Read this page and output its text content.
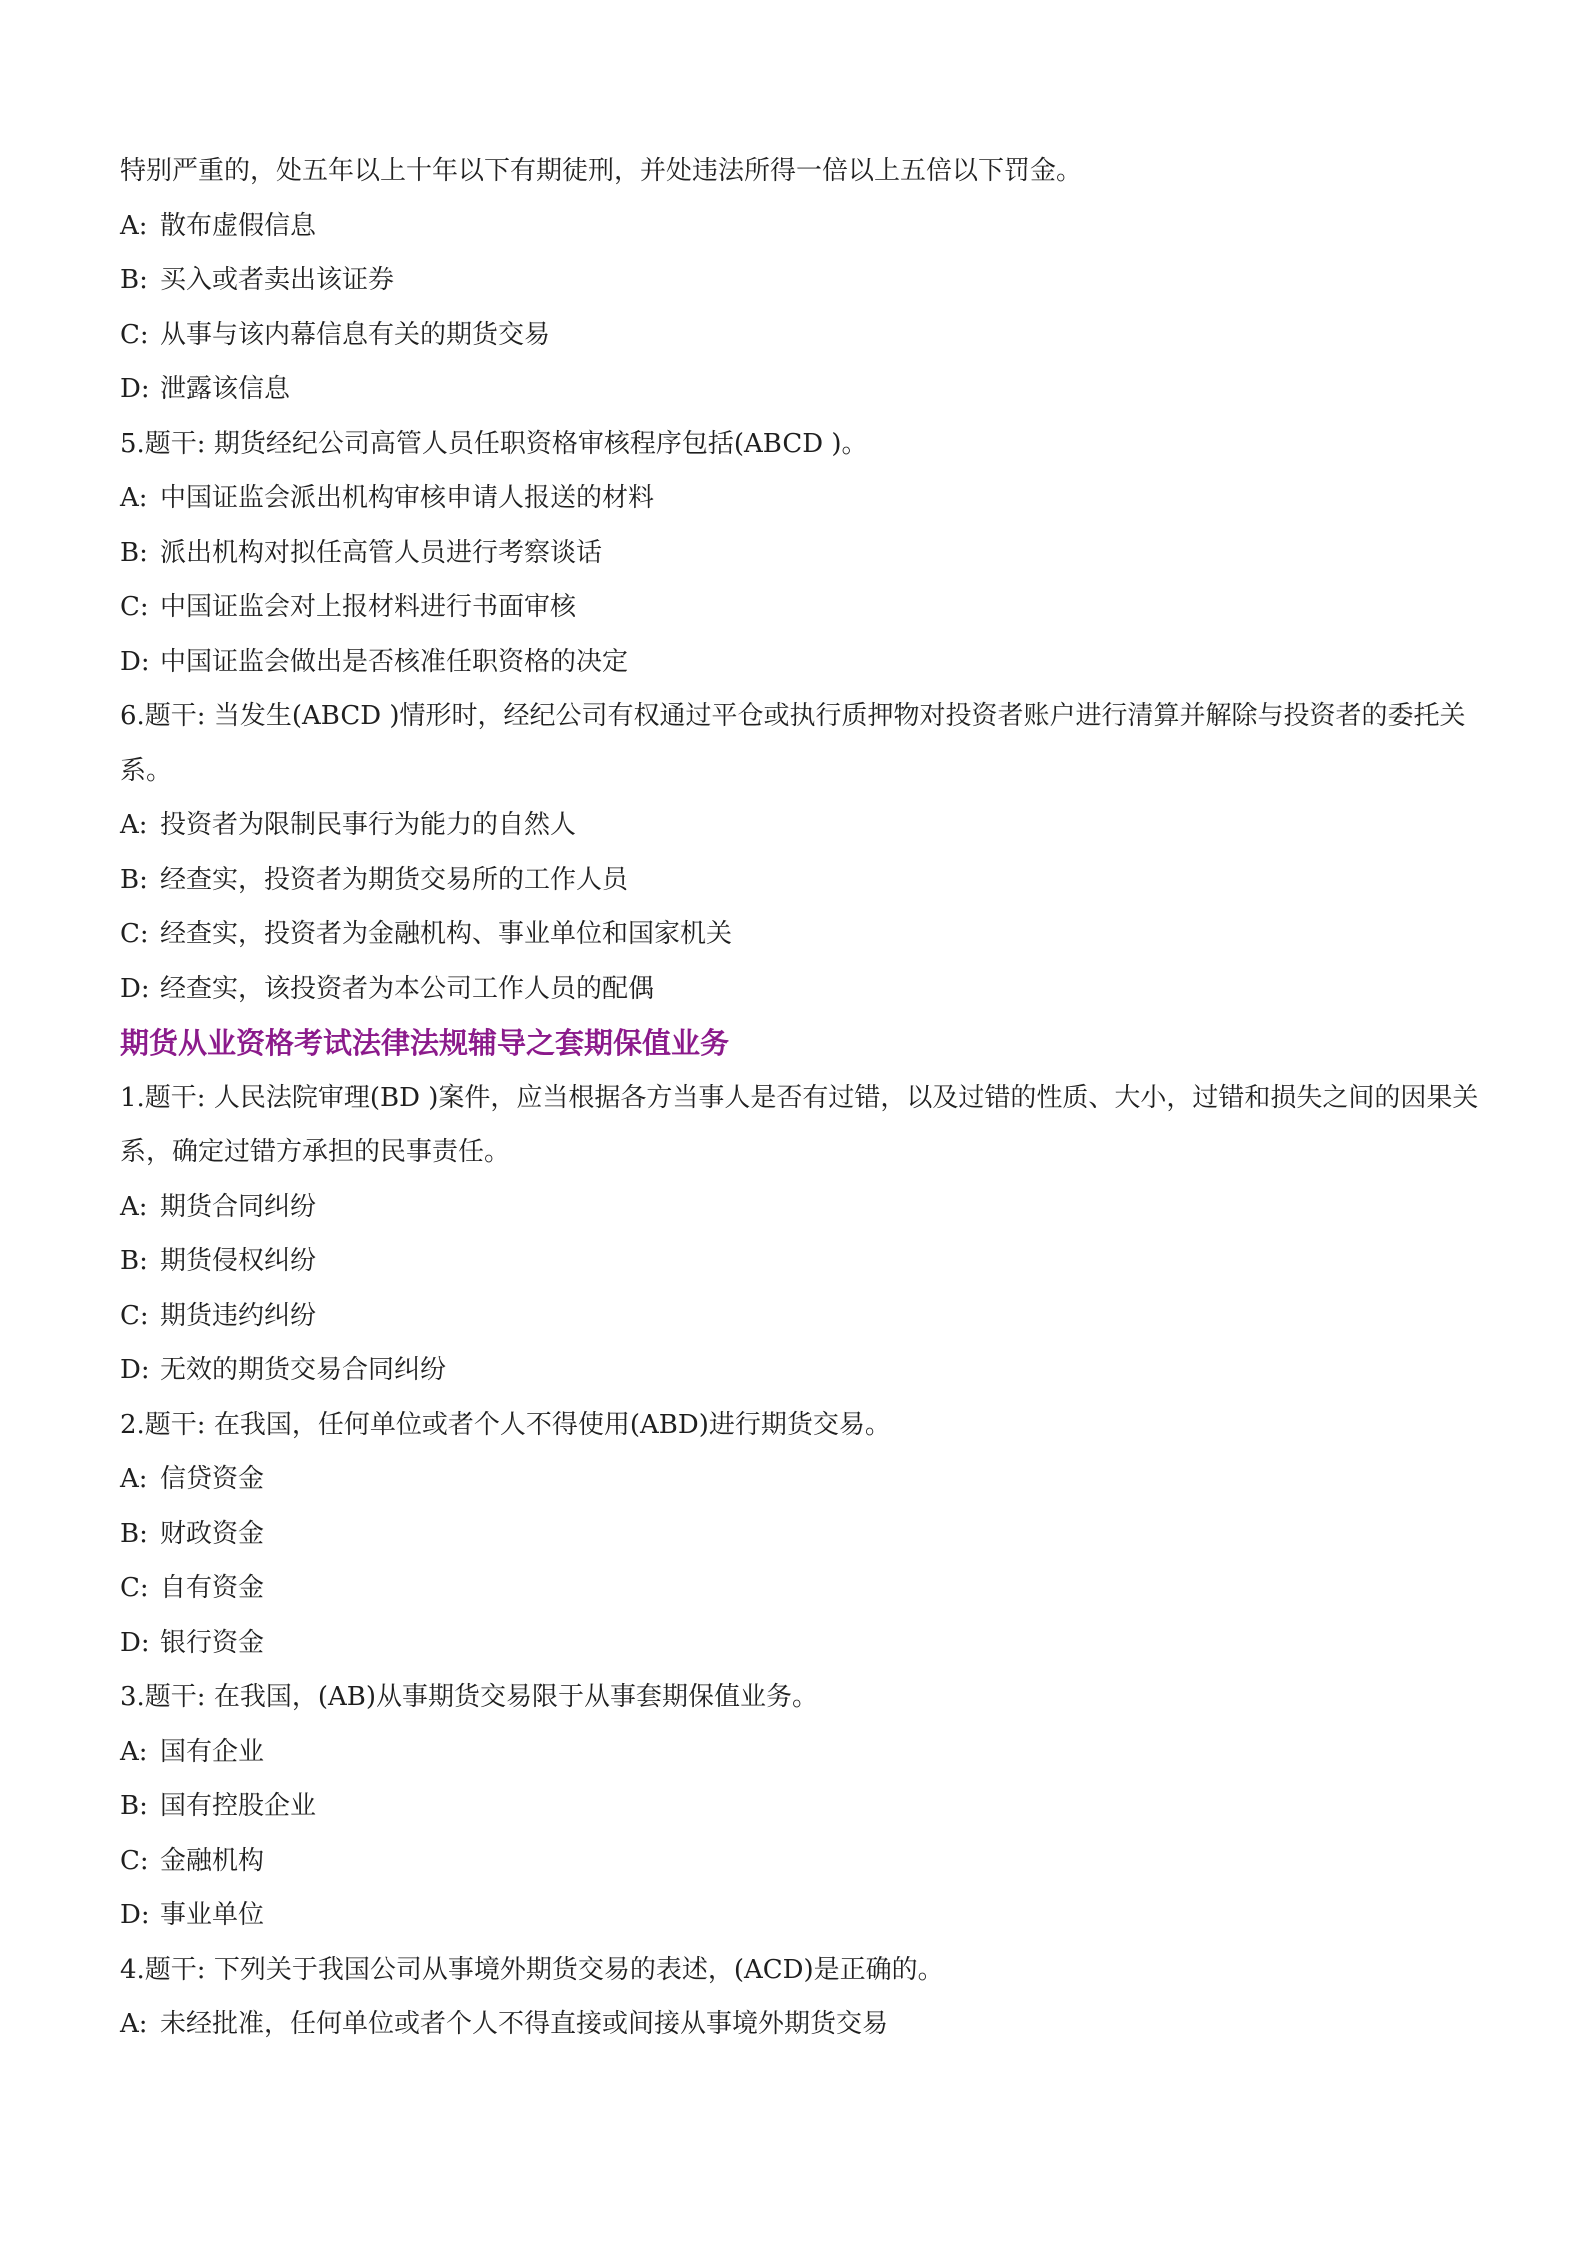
特别严重的，处五年以上十年以下有期徒刑，并处违法所得一倍以上五倍以下罚金。
A: 散布虚假信息
B: 买入或者卖出该证券
C: 从事与该内幕信息有关的期货交易
D: 泄露该信息
5.题干: 期货经纪公司高管人员任职资格审核程序包括(ABCD )。
A: 中国证监会派出机构审核申请人报送的材料
B: 派出机构对拟任高管人员进行考察谈话
C: 中国证监会对上报材料进行书面审核
D: 中国证监会做出是否核准任职资格的决定
6.题干: 当发生(ABCD )情形时，经纪公司有权通过平仓或执行质押物对投资者账户进行清算并解除与投资者的委托关系。
A: 投资者为限制民事行为能力的自然人
B: 经查实，投资者为期货交易所的工作人员
C: 经查实，投资者为金融机构、事业单位和国家机关
D: 经查实，该投资者为本公司工作人员的配偶
期货从业资格考试法律法规辅导之套期保值业务
1.题干: 人民法院审理(BD )案件，应当根据各方当事人是否有过错，以及过错的性质、大小，过错和损失之间的因果关系，确定过错方承担的民事责任。
A: 期货合同纠纷
B: 期货侵权纠纷
C: 期货违约纠纷
D: 无效的期货交易合同纠纷
2.题干: 在我国，任何单位或者个人不得使用(ABD)进行期货交易。
A: 信贷资金
B: 财政资金
C: 自有资金
D: 银行资金
3.题干: 在我国，(AB)从事期货交易限于从事套期保值业务。
A: 国有企业
B: 国有控股企业
C: 金融机构
D: 事业单位
4.题干: 下列关于我国公司从事境外期货交易的表述，(ACD)是正确的。
A: 未经批准，任何单位或者个人不得直接或间接从事境外期货交易
